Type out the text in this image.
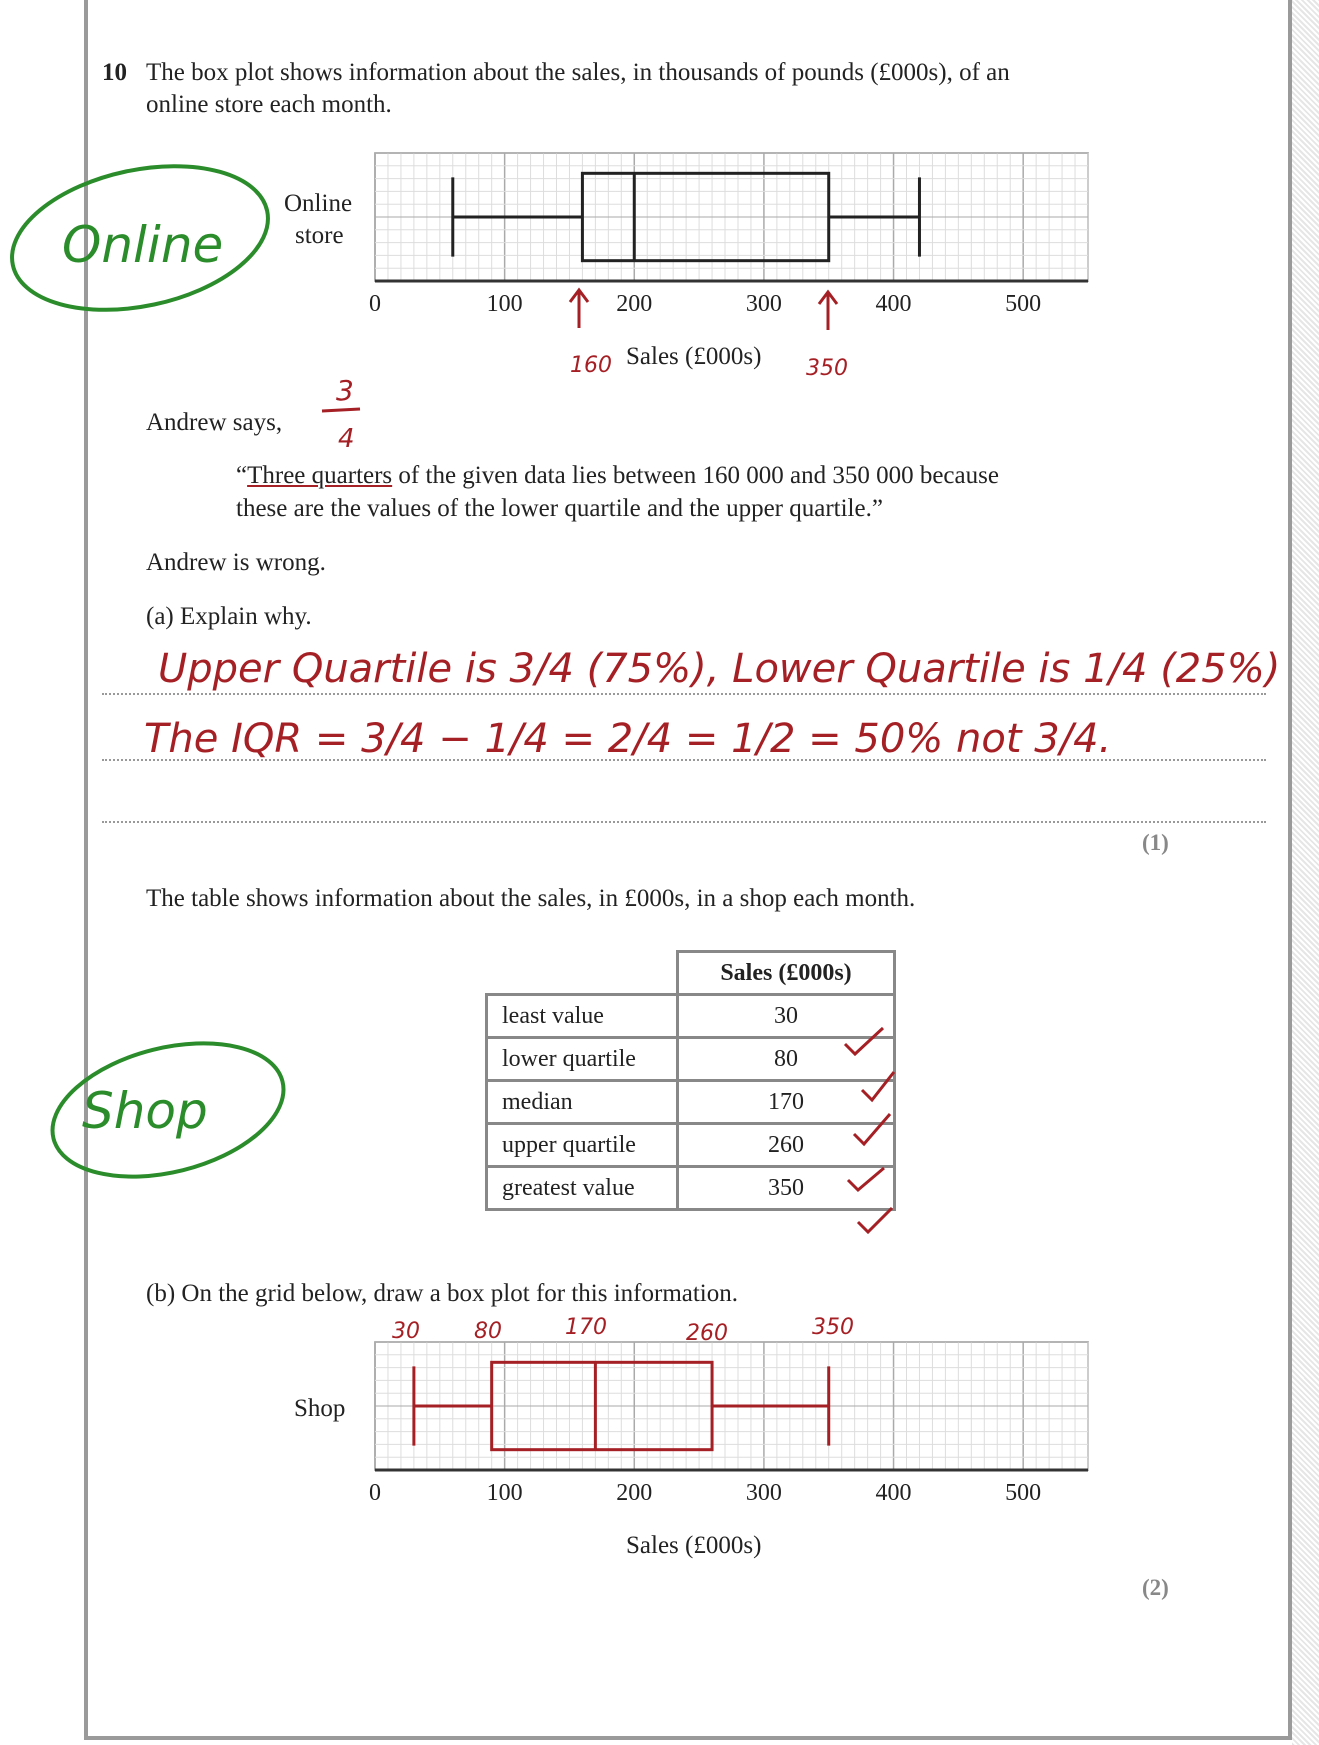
10 The box plot shows information about the sales, in thousands of pounds (£000s), of an
online store each month.
Online
store
0	100	200	300	400	500
Sales (£000s)
Andrew says,
“Three quarters of the given data lies between 160 000 and 350 000 because
these are the values of the lower quartile and the upper quartile.”
Andrew is wrong.
(a) Explain why.
(1)
The table shows information about the sales, in £000s, in a shop each month.
	Sales (£000s)
least value	30
lower quartile	80
median	170
upper quartile	260
greatest value	350
(b) On the grid below, draw a box plot for this information.
Shop
0	100	200	300	400	500
Sales (£000s)
(2)
Online
Shop
160	350
3
4
Upper Quartile is 3/4 (75%), Lower Quartile is 1/4 (25%)
The IQR = 3/4 − 1/4 = 2/4 = 1/2 = 50% not 3/4.
30 80	170	260	350
